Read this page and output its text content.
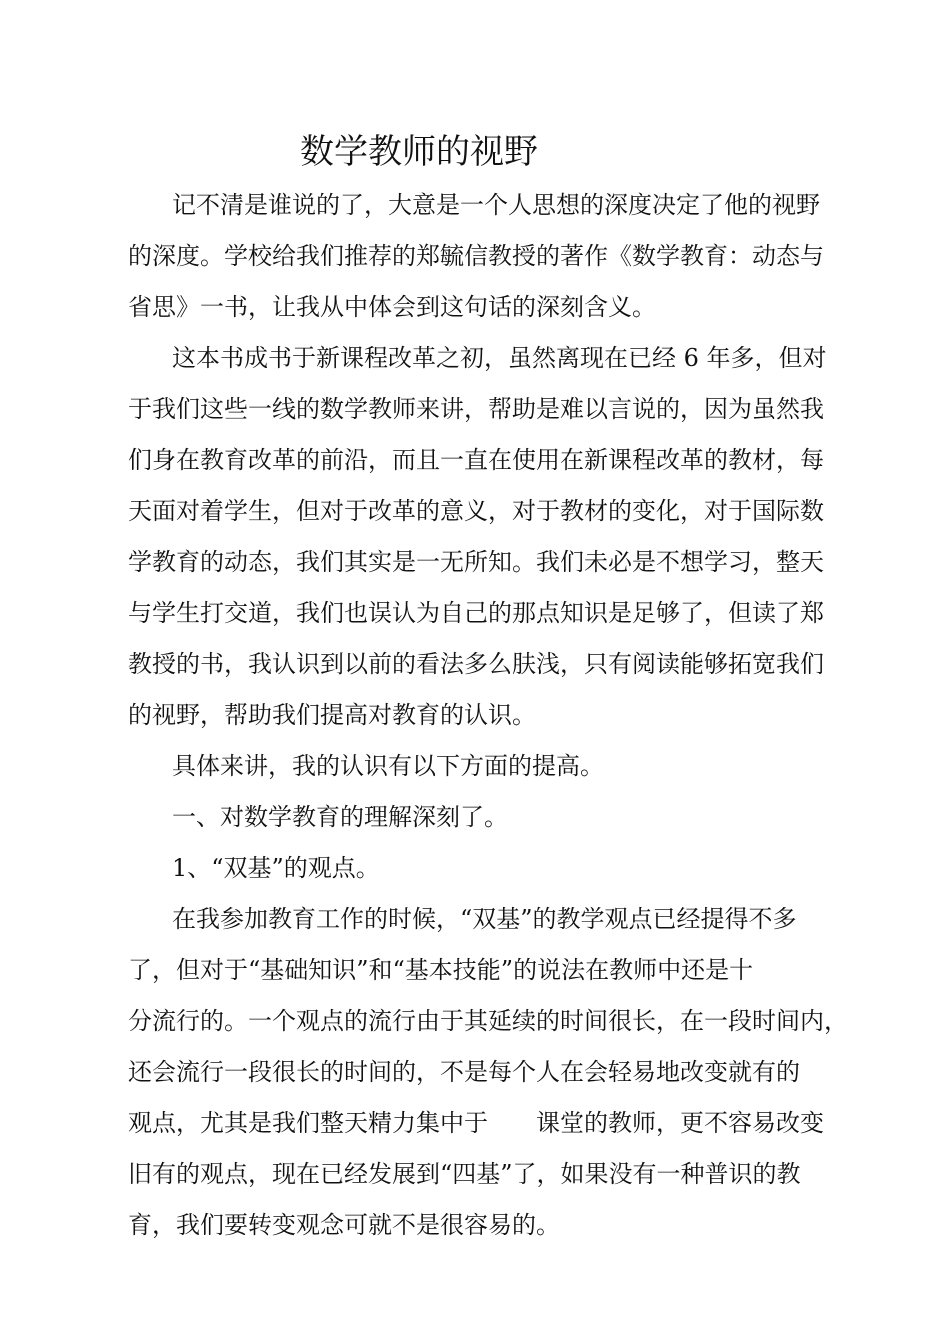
数学教师的视野
记不清是谁说的了，大意是一个人思想的深度决定了他的视野
的深度。学校给我们推荐的郑毓信教授的著作《数学教育：动态与
省思》一书，让我从中体会到这句话的深刻含义。
这本书成书于新课程改革之初，虽然离现在已经 6 年多，但对
于我们这些一线的数学教师来讲，帮助是难以言说的，因为虽然我
们身在教育改革的前沿，而且一直在使用在新课程改革的教材，每
天面对着学生，但对于改革的意义，对于教材的变化，对于国际数
学教育的动态，我们其实是一无所知。我们未必是不想学习，整天
与学生打交道，我们也误认为自己的那点知识是足够了，但读了郑
教授的书，我认识到以前的看法多么肤浅，只有阅读能够拓宽我们
的视野，帮助我们提高对教育的认识。
具体来讲，我的认识有以下方面的提高。
一、对数学教育的理解深刻了。
1、“双基”的观点。
在我参加教育工作的时候，“双基”的教学观点已经提得不多
了，但对于“基础知识”和“基本技能”的说法在教师中还是十
分流行的。一个观点的流行由于其延续的时间很长，在一段时间内，
还会流行一段很长的时间的，不是每个人在会轻易地改变就有的
观点，尤其是我们整天精力集中于　　课堂的教师，更不容易改变
旧有的观点，现在已经发展到“四基”了，如果没有一种普识的教
育，我们要转变观念可就不是很容易的。
